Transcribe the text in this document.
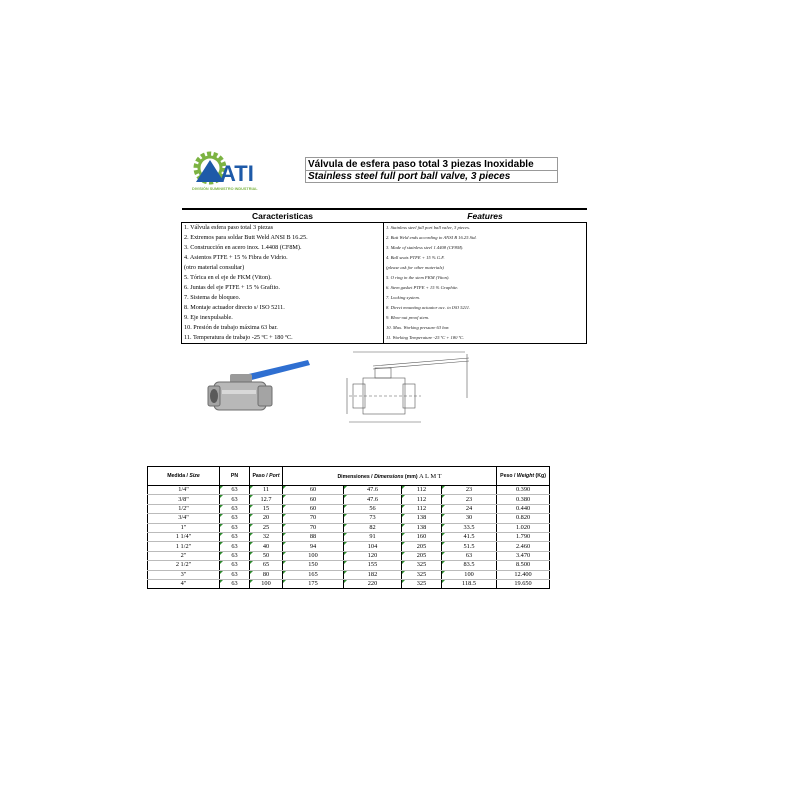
ATI
DIVISIÓN SUMINISTRO INDUSTRIAL
Válvula de esfera paso total 3 piezas Inoxidable
Stainless steel full port ball valve, 3 pieces
Caracteristicas	Features
1. Válvula esfera paso total 3 piezas	1. Stainless steel full port ball valve, 3 pieces.
2. Extremos para soldar Butt Weld ANSI B 16.25.	2. Butt Weld ends according to ANSI B 16.25 Std.
3. Construcción en acero inox. 1.4408 (CF8M).	3. Made of stainless steel 1.4408 (CF8M).
4. Asientos PTFE + 15 % Fibra de Vidrio.	4. Ball seats PTFE + 15 % G.F.
(otro material consultar)	(please ask for other materials)
5. Tórica en el eje de FKM (Viton).	5. O ring in the stem FKM (Viton).
6. Juntas del eje PTFE + 15 % Grafito.	6. Stem gasket PTFE + 15 % Graphite.
7. Sistema de bloqueo.	7. Locking system.
8. Montaje actuador directo s/ ISO 5211.	8. Direct mounting actuator acc. to ISO 5211.
9. Eje inexpulsable.	9. Blow-out proof stem.
10. Presión de trabajo máxima 63 bar.	10. Max. Working pressure 63 bar.
11. Temperatura de trabajo -25 ºC + 180 ºC.	11. Working Temperature -25 ºC + 180 ºC.
Medida / Size	PN	Paso / Port	Dimensiones / Dimensions (mm) A L M T				Peso / Weight (Kg)
1/4"	63	11	60	47.6	112	23	0.390
3/8"	63	12.7	60	47.6	112	23	0.380
1/2"	63	15	60	56	112	24	0.440
3/4"	63	20	70	73	138	30	0.820
1"	63	25	70	82	138	33.5	1.020
1 1/4"	63	32	88	91	160	41.5	1.790
1 1/2"	63	40	94	104	205	51.5	2.460
2"	63	50	100	120	205	63	3.470
2 1/2"	63	65	150	155	325	83.5	8.500
3"	63	80	165	182	325	100	12.400
4"	63	100	175	220	325	118.5	19.650
